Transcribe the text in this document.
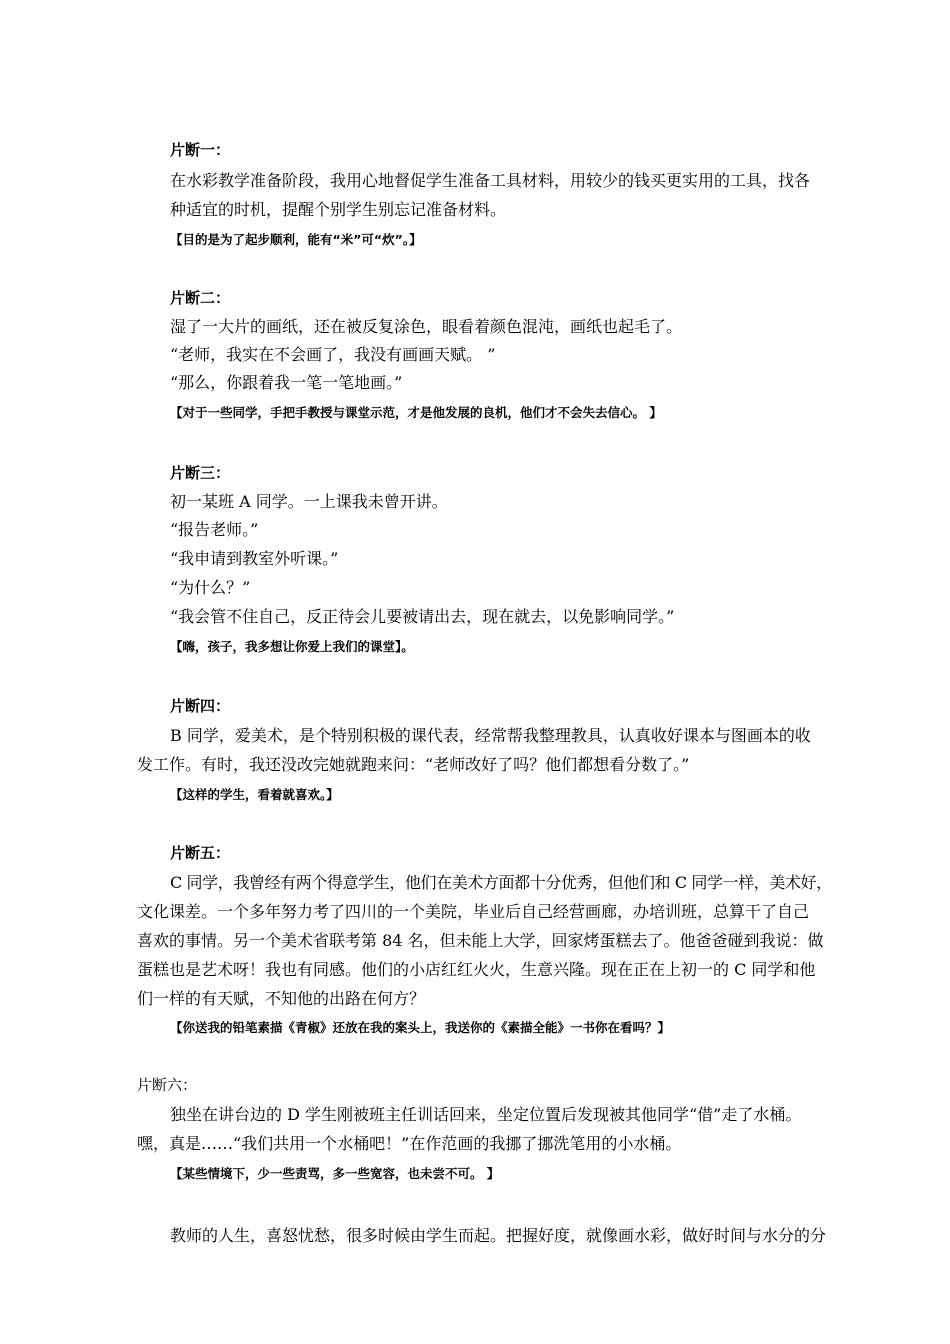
片断一：
在水彩教学准备阶段，我用心地督促学生准备工具材料，用较少的钱买更实用的工具，找各
种适宜的时机，提醒个别学生别忘记准备材料。
【目的是为了起步顺利，能有“米”可“炊”。】
片断二：
湿了一大片的画纸，还在被反复涂色，眼看着颜色混沌，画纸也起毛了。
“老师，我实在不会画了，我没有画画天赋。 ”
“那么，你跟着我一笔一笔地画。”
【对于一些同学，手把手教授与课堂示范，才是他发展的良机，他们才不会失去信心。 】
片断三：
初一某班 A 同学。一上课我未曾开讲。
“报告老师。”
“我申请到教室外听课。”
“为什么？”
“我会管不住自己，反正待会儿要被请出去，现在就去，以免影响同学。”
【嗨，孩子，我多想让你爱上我们的课堂】。
片断四：
B 同学，爱美术，是个特别积极的课代表，经常帮我整理教具，认真收好课本与图画本的收
发工作。有时，我还没改完她就跑来问：“老师改好了吗？他们都想看分数了。”
【这样的学生，看着就喜欢。】
片断五：
C 同学，我曾经有两个得意学生，他们在美术方面都十分优秀，但他们和 C 同学一样，美术好，
文化课差。一个多年努力考了四川的一个美院，毕业后自己经营画廊，办培训班，总算干了自己
喜欢的事情。另一个美术省联考第 84 名，但未能上大学，回家烤蛋糕去了。他爸爸碰到我说：做
蛋糕也是艺术呀！我也有同感。他们的小店红红火火，生意兴隆。现在正在上初一的 C 同学和他
们一样的有天赋，不知他的出路在何方？
【你送我的铅笔素描《青椒》还放在我的案头上，我送你的《素描全能》一书你在看吗？】
片断六：
独坐在讲台边的 D 学生刚被班主任训话回来，坐定位置后发现被其他同学“借”走了水桶。
嘿，真是……“我们共用一个水桶吧！”在作范画的我挪了挪洗笔用的小水桶。
【某些情境下，少一些责骂，多一些宽容，也未尝不可。 】
教师的人生，喜怒忧愁，很多时候由学生而起。把握好度，就像画水彩，做好时间与水分的分
